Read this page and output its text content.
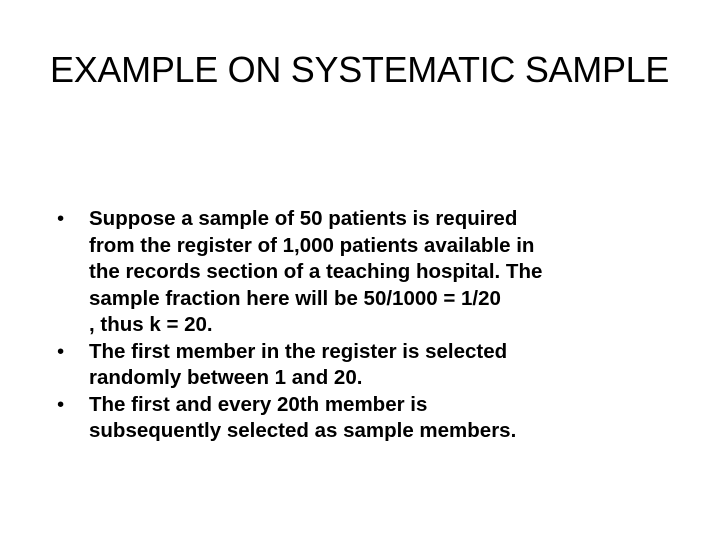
EXAMPLE ON SYSTEMATIC SAMPLE
•	Suppose a sample of 50 patients is required
from the register of 1,000 patients available in
the records section of a teaching hospital. The
sample fraction here will be 50/1000 = 1/20
, thus k = 20.
•	The first member in the register is selected
randomly between 1 and 20.
•	The first and every 20th member is
subsequently selected as sample members.
